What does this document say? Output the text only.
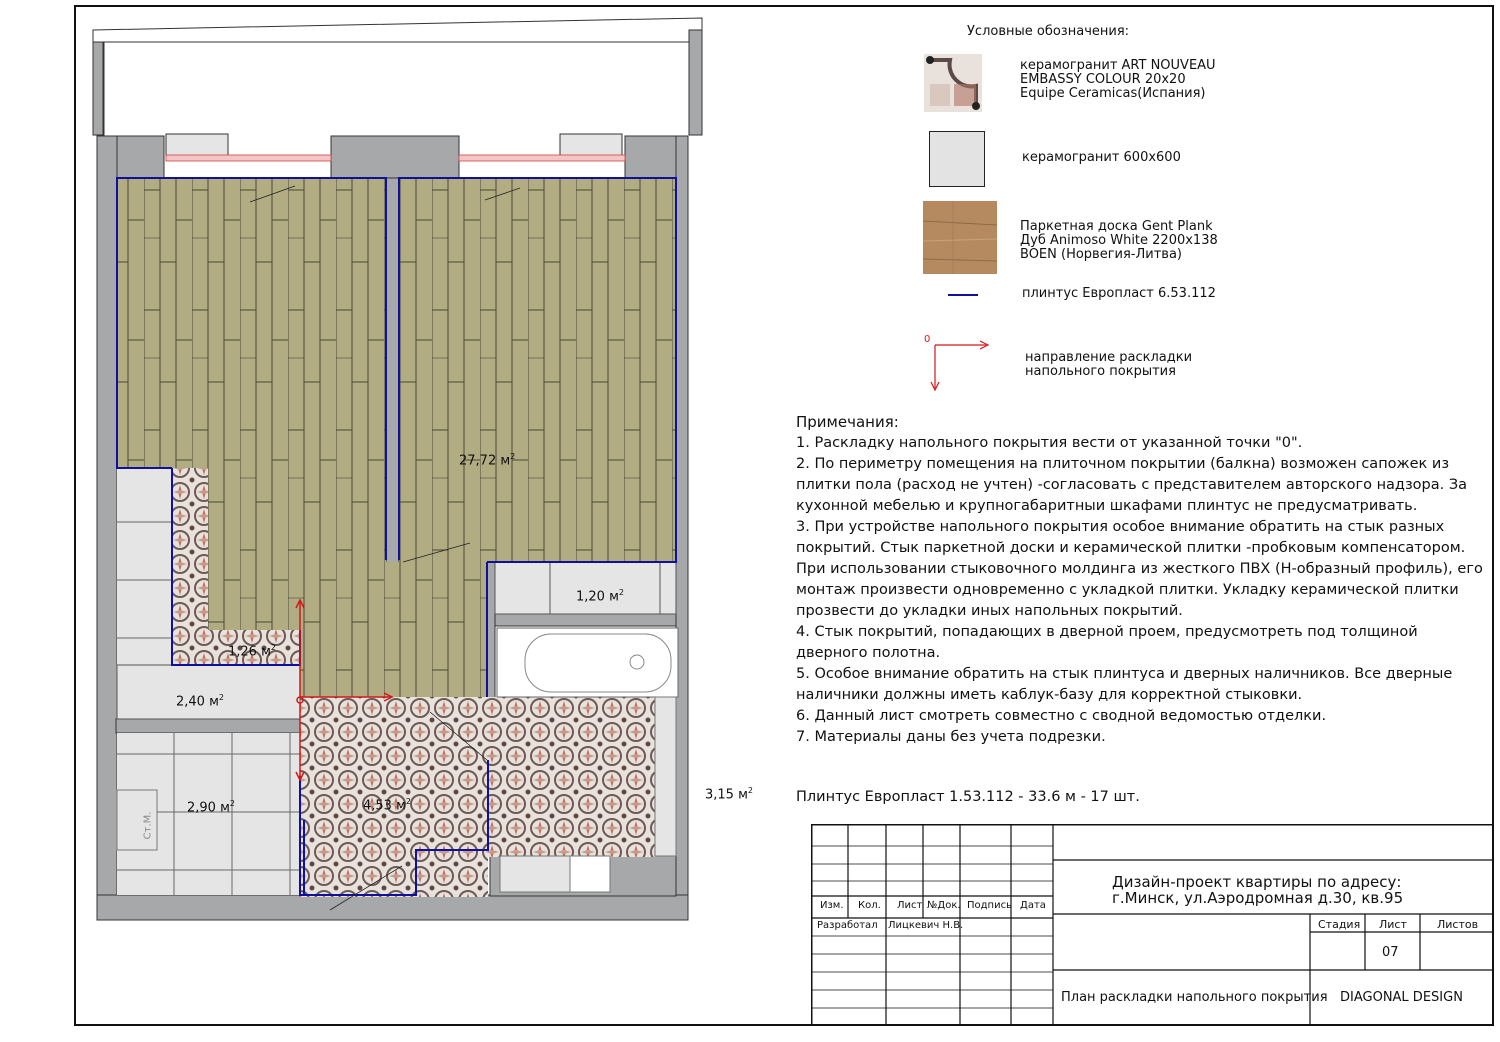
27,72 $м^2$
1,20 $м^2$
1,26 $м^2$
2,40 $м^2$
2,90 $м^2$	4,53 $м^2$	3,15 $м^2$
Ст.М.
Условные обозначения:
керамогранит ART NOUVEAU
EMBASSY COLOUR 20x20
Equipe Ceramicas(Испания)
керамогранит 600х600
Паркетная доска Gent Plank
Дуб Animoso White 2200x138
BOEN (Норвегия-Литва)
плинтус Европласт 6.53.112
0
направление раскладки
напольного покрытия
Примечания:

1. Раскладку напольного покрытия вести от указанной точки "0".

2. По периметру помещения на плиточном покрытии (балкна) возможен сапожек из плитки пола (расход не учтен) -согласовать с представителем авторского надзора. За кухонной мебелью и крупногабаритныи шкафами плинтус не предусматривать.

3. При устройстве напольного покрытия особое внимание обратить на стык разных покрытий. Стык паркетной доски и керамической плитки -пробковым компенсатором. При использовании стыковочного молдинга из жесткого ПВХ (Н-образный профиль), его монтаж произвести одновременно с укладкой плитки. Укладку керамической плитки прозвести до укладки иных напольных покрытий.

4. Стык покрытий, попадающих в дверной проем, предусмотреть под толщиной дверного полотна.

5. Особое внимание обратить на стык плинтуса и дверных наличников. Все дверные наличники должны иметь каблук-базу для корректной стыковки.

6. Данный лист смотреть совместно с сводной ведомостью отделки.

7. Материалы даны без учета подрезки.

Плинтус Европласт 1.53.112 - 33.6 м - 17 шт.
Изм. Кол. Лист №Док. Подпись Дата
Разработал Лицкевич Н.В.
Дизайн-проект квартиры по адресу:
г.Минск, ул.Аэродромная д.30, кв.95
Стадия Лист	Листов
07
План раскладки напольного покрытия DIAGONAL DESIGN
